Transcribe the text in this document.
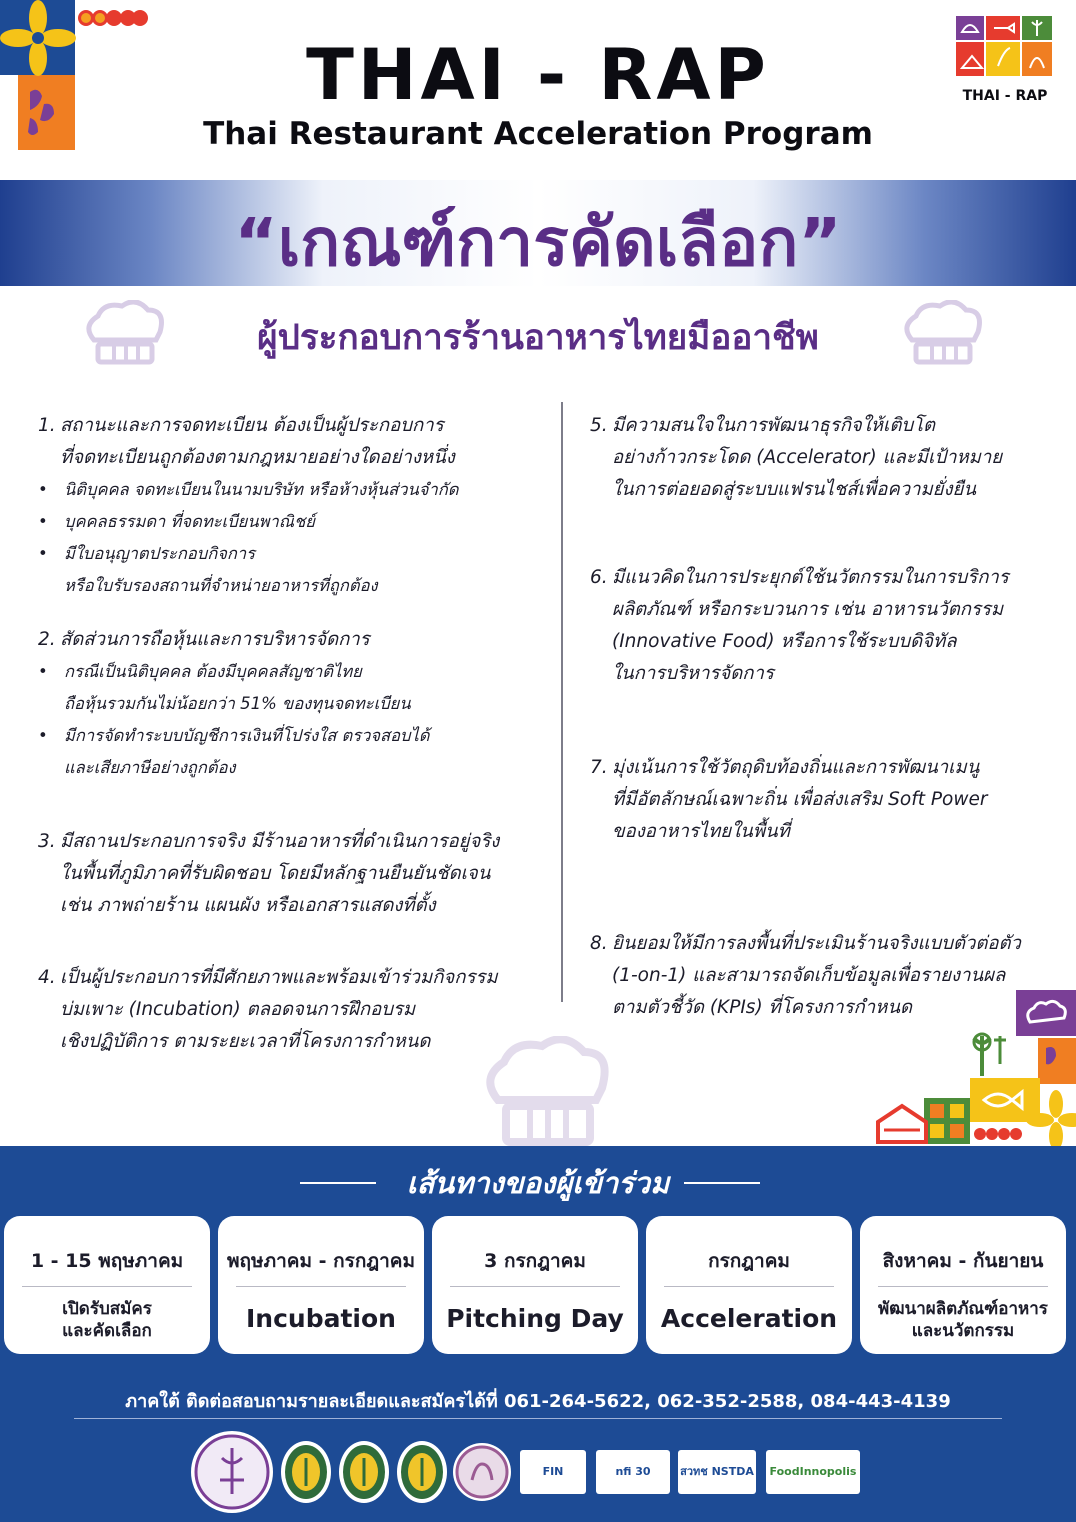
THAI - RAP
Thai Restaurant Acceleration Program
THAI - RAP
“เกณฑ์การคัดเลือก”
ผู้ประกอบการร้านอาหารไทยมืออาชีพ
1. สถานะและการจดทะเบียน ต้องเป็นผู้ประกอบการ
ที่จดทะเบียนถูกต้องตามกฎหมายอย่างใดอย่างหนึ่ง
• นิติบุคคล จดทะเบียนในนามบริษัท หรือห้างหุ้นส่วนจำกัด
• บุคคลธรรมดา ที่จดทะเบียนพาณิชย์
• มีใบอนุญาตประกอบกิจการ
หรือใบรับรองสถานที่จำหน่ายอาหารที่ถูกต้อง
2. สัดส่วนการถือหุ้นและการบริหารจัดการ
• กรณีเป็นนิติบุคคล ต้องมีบุคคลสัญชาติไทย
ถือหุ้นรวมกันไม่น้อยกว่า 51% ของทุนจดทะเบียน
• มีการจัดทำระบบบัญชีการเงินที่โปร่งใส ตรวจสอบได้
และเสียภาษีอย่างถูกต้อง
3. มีสถานประกอบการจริง มีร้านอาหารที่ดำเนินการอยู่จริง
ในพื้นที่ภูมิภาคที่รับผิดชอบ โดยมีหลักฐานยืนยันชัดเจน
เช่น ภาพถ่ายร้าน แผนผัง หรือเอกสารแสดงที่ตั้ง
4. เป็นผู้ประกอบการที่มีศักยภาพและพร้อมเข้าร่วมกิจกรรม
บ่มเพาะ (Incubation) ตลอดจนการฝึกอบรม
เชิงปฏิบัติการ ตามระยะเวลาที่โครงการกำหนด
5. มีความสนใจในการพัฒนาธุรกิจให้เติบโต
อย่างก้าวกระโดด (Accelerator) และมีเป้าหมาย
ในการต่อยอดสู่ระบบแฟรนไชส์เพื่อความยั่งยืน
6. มีแนวคิดในการประยุกต์ใช้นวัตกรรมในการบริการ
ผลิตภัณฑ์ หรือกระบวนการ เช่น อาหารนวัตกรรม
(Innovative Food) หรือการใช้ระบบดิจิทัล
ในการบริหารจัดการ
7. มุ่งเน้นการใช้วัตถุดิบท้องถิ่นและการพัฒนาเมนู
ที่มีอัตลักษณ์เฉพาะถิ่น เพื่อส่งเสริม Soft Power
ของอาหารไทยในพื้นที่
8. ยินยอมให้มีการลงพื้นที่ประเมินร้านจริงแบบตัวต่อตัว
(1-on-1) และสามารถจัดเก็บข้อมูลเพื่อรายงานผล
ตามตัวชี้วัด (KPIs) ที่โครงการกำหนด
เส้นทางของผู้เข้าร่วม
1 - 15 พฤษภาคม
เปิดรับสมัคร
และคัดเลือก
พฤษภาคม - กรกฎาคม
Incubation
3 กรกฎาคม
Pitching Day
กรกฎาคม
Acceleration
สิงหาคม - กันยายน
พัฒนาผลิตภัณฑ์อาหาร
และนวัตกรรม
ภาคใต้ ติดต่อสอบถามรายละเอียดและสมัครได้ที่ 061-264-5622, 062-352-2588, 084-443-4139
FIN	nfi 30	สวทช NSTDA	FoodInnopolis
